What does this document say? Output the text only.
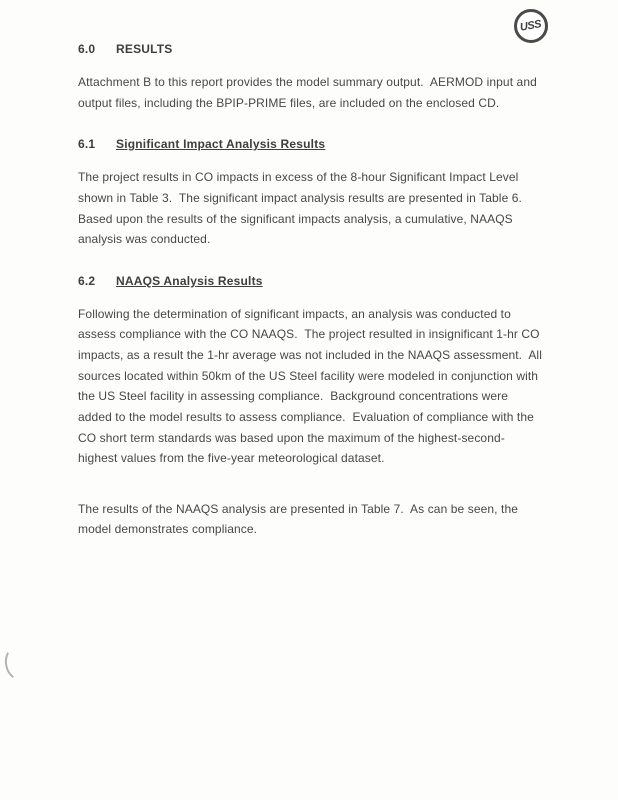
USS
6.0	RESULTS

Attachment B to this report provides the model summary output.  AERMOD input and output files, including the BPIP-PRIME files, are included on the enclosed CD.

6.1	Significant Impact Analysis Results

The project results in CO impacts in excess of the 8-hour Significant Impact Level shown in Table 3.  The significant impact analysis results are presented in Table 6. Based upon the results of the significant impacts analysis, a cumulative, NAAQS analysis was conducted.

6.2	NAAQS Analysis Results

Following the determination of significant impacts, an analysis was conducted to assess compliance with the CO NAAQS.  The project resulted in insignificant 1-hr CO impacts, as a result the 1-hr average was not included in the NAAQS assessment.  All sources located within 50km of the US Steel facility were modeled in conjunction with the US Steel facility in assessing compliance.  Background concentrations were added to the model results to assess compliance.  Evaluation of compliance with the CO short term standards was based upon the maximum of the highest-second-highest values from the five-year meteorological dataset.

The results of the NAAQS analysis are presented in Table 7.  As can be seen, the model demonstrates compliance.
